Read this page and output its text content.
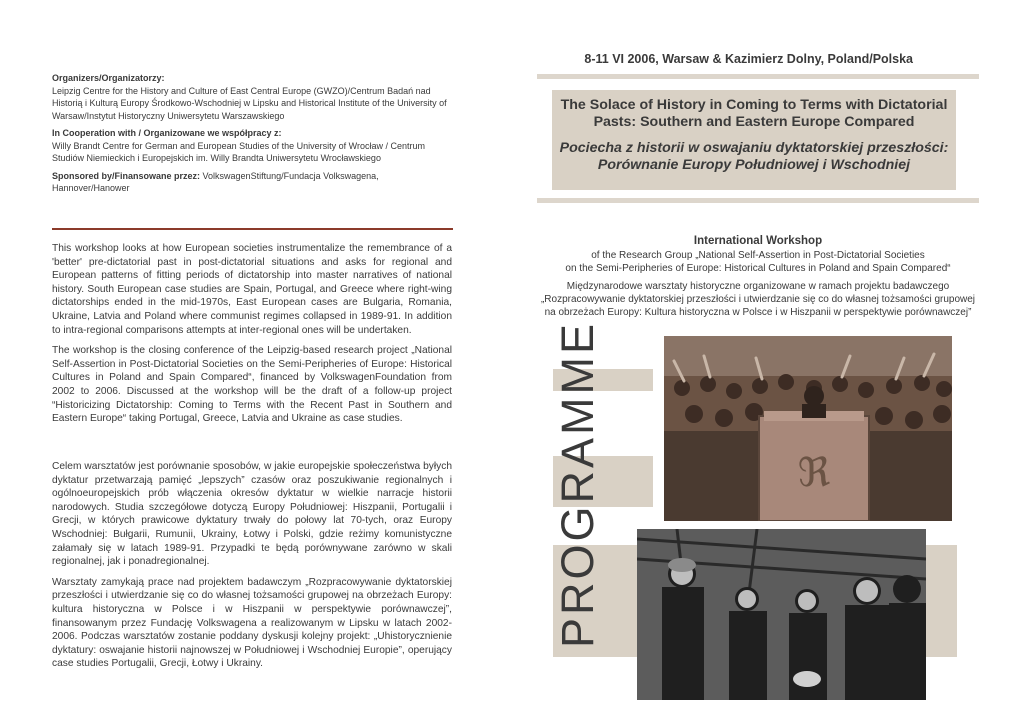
Organizers/Organizatorzy:
Leipzig Centre for the History and Culture of East Central Europe (GWZO)/Centrum Badań nad Historią i Kulturą Europy Środkowo-Wschodniej w Lipsku and Historical Institute of the University of Warsaw/Instytut Historyczny Uniwersytetu Warszawskiego

In Cooperation with / Organizowane we współpracy z:
Willy Brandt Centre for German and European Studies of the University of Wrocław / Centrum Studiów Niemieckich i Europejskich im. Willy Brandta Uniwersytetu Wrocławskiego

Sponsored by/Finansowane przez: VolkswagenStiftung/Fundacja Volkswagena, Hannover/Hanower

This workshop looks at how European societies instrumentalize the remembrance of a 'better' pre-dictatorial past in post-dictatorial situations and asks for regional and European patterns of fitting periods of dictatorship into master narratives of national history. South European case studies are Spain, Portugal, and Greece where right-wing dictatorships ended in the mid-1970s, East European cases are Bulgaria, Romania, Ukraine, Latvia and Poland where communist regimes collapsed in 1989-91. In addition to intra-regional comparisons attempts at inter-regional ones will be undertaken.

The workshop is the closing conference of the Leipzig-based research project „National Self-Assertion in Post-Dictatorial Societies on the Semi-Peripheries of Europe: Historical Cultures in Poland and Spain Compared“, financed by VolkswagenFoundation from 2002 to 2006. Discussed at the workshop will be the draft of a follow-up project “Historicizing Dictatorship: Coming to Terms with the Recent Past in Southern and Eastern Europe“ taking Portugal, Greece, Latvia and Ukraine as case studies.

Celem warsztatów jest porównanie sposobów, w jakie europejskie społeczeństwa byłych dyktatur przetwarzają pamięć „lepszych” czasów oraz poszukiwanie regionalnych i ogólnoeuropejskich prób włączenia okresów dyktatur w wielkie narracje historii narodowych. Studia szczegółowe dotyczą Europy Południowej: Hiszpanii, Portugalii i Grecji, w których prawicowe dyktatury trwały do połowy lat 70-tych, oraz Europy Wschodniej: Bułgarii, Rumunii, Ukrainy, Łotwy i Polski, gdzie reżimy komunistyczne załamały się w latach 1989-91. Przypadki te będą porównywane zarówno w skali regionalnej, jak i ponadregionalnej.

Warsztaty zamykają prace nad projektem badawczym „Rozpracowywanie dyktatorskiej przeszłości i utwierdzanie się co do własnej tożsamości grupowej na obrzeżach Europy: kultura historyczna w Polsce i w Hiszpanii w perspektywie porównawczej”, finansowanym przez Fundację Volkswagena a realizowanym w Lipsku w latach 2002-2006. Podczas warsztatów zostanie poddany dyskusji kolejny projekt: „Uhistorycznienie dyktatury: oswajanie historii najnowszej w Południowej i Wschodniej Europie”, operujący case studies Portugalii, Grecji, Łotwy i Ukrainy.

8-11 VI 2006, Warsaw & Kazimierz Dolny, Poland/Polska
The Solace of History in Coming to Terms with Dictatorial Pasts: Southern and Eastern Europe Compared
Pociecha z historii w oswajaniu dyktatorskiej przeszłości: Porównanie Europy Południowej i Wschodniej
International Workshop
of the Research Group „National Self-Assertion in Post-Dictatorial Societies
on the Semi-Peripheries of Europe: Historical Cultures in Poland and Spain Compared“
Międzynarodowe warsztaty historyczne organizowane w ramach projektu badawczego
„Rozpracowywanie dyktatorskiej przeszłości i utwierdzanie się co do własnej tożsamości grupowej
na obrzeżach Europy: Kultura historyczna w Polsce i w Hiszpanii w perspektywie porównawczej”
ℜ
